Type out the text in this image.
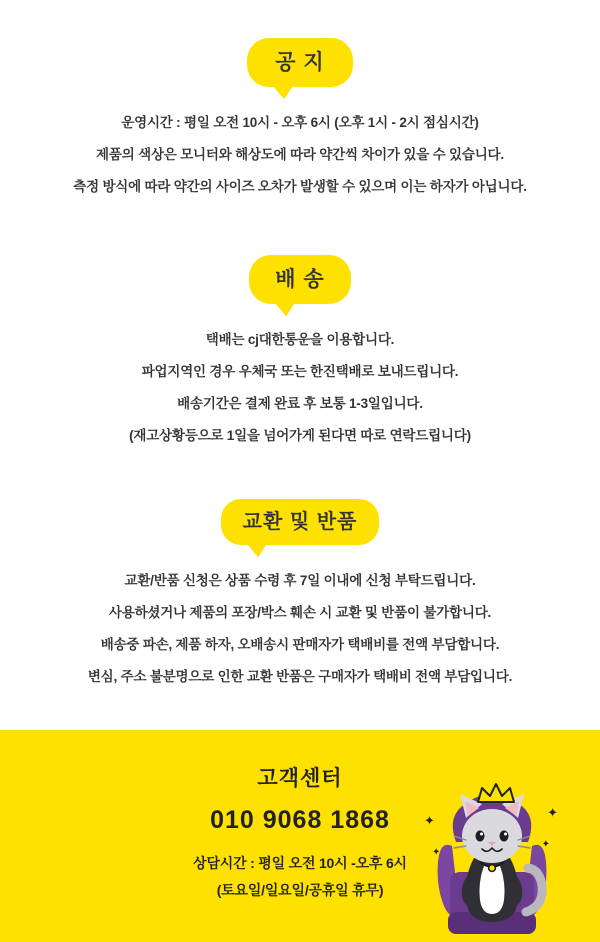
공 지

운영시간 : 평일 오전 10시 - 오후 6시 (오후 1시 - 2시 점심시간)

제품의 색상은 모니터와 해상도에 따라 약간씩 차이가 있을 수 있습니다.

측정 방식에 따라 약간의 사이즈 오차가 발생할 수 있으며 이는 하자가 아닙니다.

배 송

택배는 cj대한통운을 이용합니다.

파업지역인 경우 우체국 또는 한진택배로 보내드립니다.

배송기간은 결제 완료 후 보통 1-3일입니다.

(재고상황등으로 1일을 넘어가게 된다면 따로 연락드립니다)

교환 및 반품

교환/반품 신청은 상품 수령 후 7일 이내에 신청 부탁드립니다.

사용하셨거나 제품의 포장/박스 훼손 시 교환 및 반품이 불가합니다.

배송중 파손, 제품 하자, 오배송시 판매자가 택배비를 전액 부담합니다.

변심, 주소 불분명으로 인한 교환 반품은 구매자가 택배비 전액 부담입니다.

고객센터
010 9068 1868
상담시간 : 평일 오전 10시 -오후 6시
(토요일/일요일/공휴일 휴무)
✦
✦
✦
✦
